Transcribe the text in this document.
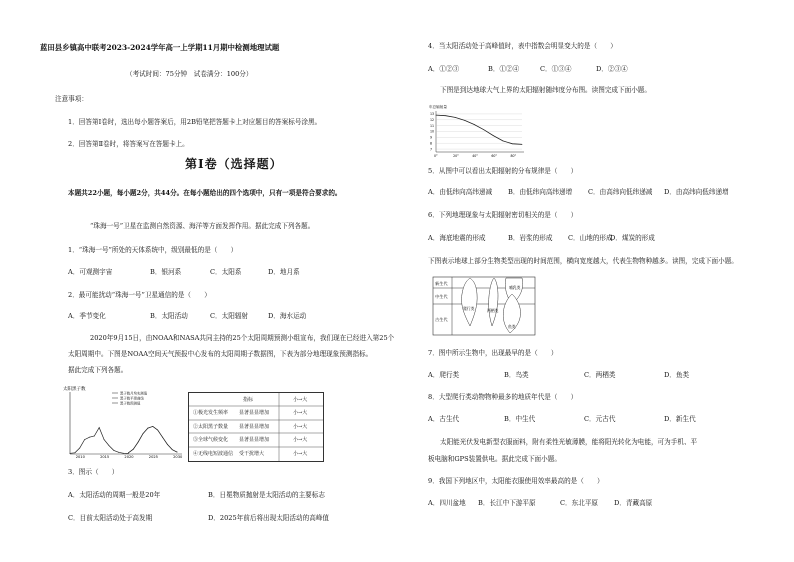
蓝田县乡镇高中联考2023-2024学年高一上学期11月期中检测地理试题
（考试时间：75分钟　试卷满分：100分）
注意事项：
1．回答第Ⅰ卷时，选出每小题答案后，用2B铅笔把答题卡上对应题目的答案标号涂黑。
2．回答第Ⅱ卷时，将答案写在答题卡上。
第Ⅰ卷（选择题）
本题共22小题，每小题2分，共44分。在每小题给出的四个选项中，只有一项是符合要求的。
“珠海一号”卫星在监测自然资源、海洋等方面发挥作用。据此完成下列各题。
1．“珠海一号”所处的天体系统中，级别最低的是（　　）
A．可观测宇宙	B．银河系	C．太阳系	D．地月系
2．最可能扰动“珠海一号”卫星通信的是（　　）
A．季节变化	B．太阳活动	C．太阳辐射	D．海水运动
2020年9月15日，由NOAA和NASA共同主持的25个太阳周期预测小组宣布，我们现在已经进入第25个
太阳周期中。下图是NOAA空间天气预报中心发布的太阳周期子数据图，下表为部分地理现象预测指标。
据此完成下列各题。
太阳黑子数
黑子数月均实测值
黑子数平滑曲线
黑子数预测值
2010	2015	2020	2025	2030
指标	小→大
①极光发生频率 显著显显增加	小→大
②太阳黑子数量 显著显显增加	小→大
③全球气候变化 显著显显增加	小→大
④无线电短波通信 受干扰增大	小→大
3．图示（　　）
A．太阳活动的周期一般是20年	B．日冕物质抛射是太阳活动的主要标志
C．目前太阳活动处于高发期	D．2025年前后将出现太阳活动的高峰值
4．当太阳活动处于高峰值时，表中指数会明显变大的是（　　）
A．①②③	B．①②④	C．①③④	D．②③④
下图是到达地球大气上界的太阳辐射随纬度分布图。读图完成下面小题。
年总辐射量
13
12
11
10
9
8
7
0°	20°	40°	60°	80°
5．从图中可以看出太阳辐射的分布规律是（　　）
A．由低纬向高纬递减 B．由低纬向高纬递增 C．由高纬向低纬递减 D．由高纬向低纬递增
6．下列地理现象与太阳辐射密切相关的是（　　）
A．海底地震的形成	B．岩浆的形成 C．山地的形成
D．煤炭的形成
下图表示地球上部分生物类型出现的时间范围，横向宽度越大，代表生物物种越多。读图，完成下面小题。
新生代
中生代
古生代
爬行类	两栖类
哺乳类
鱼类
7．图中所示生物中，出现最早的是（　　）
A．爬行类	B．鸟类	C．两栖类	D．鱼类
8．大型爬行类动物物种最多的地质年代是（　　）
A．古生代	B．中生代	C．元古代	D．新生代
太阳能光伏发电新型衣服面料，附有柔性光敏薄膜，能将阳光转化为电能，可为手机、平
板电脑和GPS装置供电。据此完成下面小题。
9．我国下列地区中，太阳能衣服使用效率最高的是（　　）
A．四川盆地 B．长江中下游平原	C．东北平原 D．青藏高原
